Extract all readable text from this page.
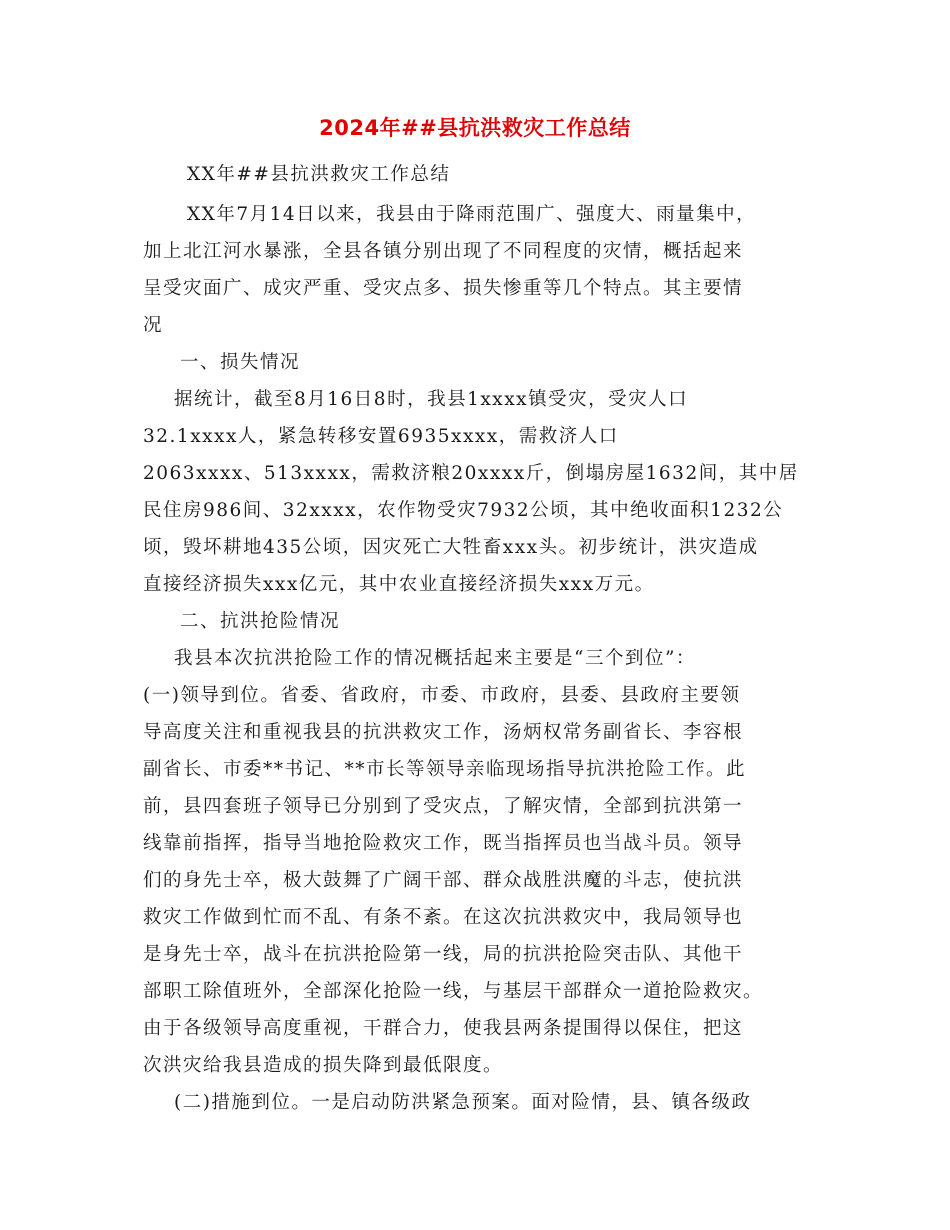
2024年##县抗洪救灾工作总结
XX年##县抗洪救灾工作总结
XX年7月14日以来，我县由于降雨范围广、强度大、雨量集中，
加上北江河水暴涨，全县各镇分别出现了不同程度的灾情，概括起来
呈受灾面广、成灾严重、受灾点多、损失惨重等几个特点。其主要情
况
一、损失情况
据统计，截至8月16日8时，我县1xxxx镇受灾，受灾人口
32.1xxxx人，紧急转移安置6935xxxx，需救济人口
2063xxxx、513xxxx，需救济粮20xxxx斤，倒塌房屋1632间，其中居
民住房986间、32xxxx，农作物受灾7932公顷，其中绝收面积1232公
顷，毁坏耕地435公顷，因灾死亡大牲畜xxx头。初步统计，洪灾造成
直接经济损失xxx亿元，其中农业直接经济损失xxx万元。
二、抗洪抢险情况
我县本次抗洪抢险工作的情况概括起来主要是“三个到位”：
(一)领导到位。省委、省政府，市委、市政府，县委、县政府主要领
导高度关注和重视我县的抗洪救灾工作，汤炳权常务副省长、李容根
副省长、市委**书记、**市长等领导亲临现场指导抗洪抢险工作。此
前，县四套班子领导已分别到了受灾点，了解灾情，全部到抗洪第一
线靠前指挥，指导当地抢险救灾工作，既当指挥员也当战斗员。领导
们的身先士卒，极大鼓舞了广阔干部、群众战胜洪魔的斗志，使抗洪
救灾工作做到忙而不乱、有条不紊。在这次抗洪救灾中，我局领导也
是身先士卒，战斗在抗洪抢险第一线，局的抗洪抢险突击队、其他干
部职工除值班外，全部深化抢险一线，与基层干部群众一道抢险救灾。
由于各级领导高度重视，干群合力，使我县两条提围得以保住，把这
次洪灾给我县造成的损失降到最低限度。
(二)措施到位。一是启动防洪紧急预案。面对险情，县、镇各级政
